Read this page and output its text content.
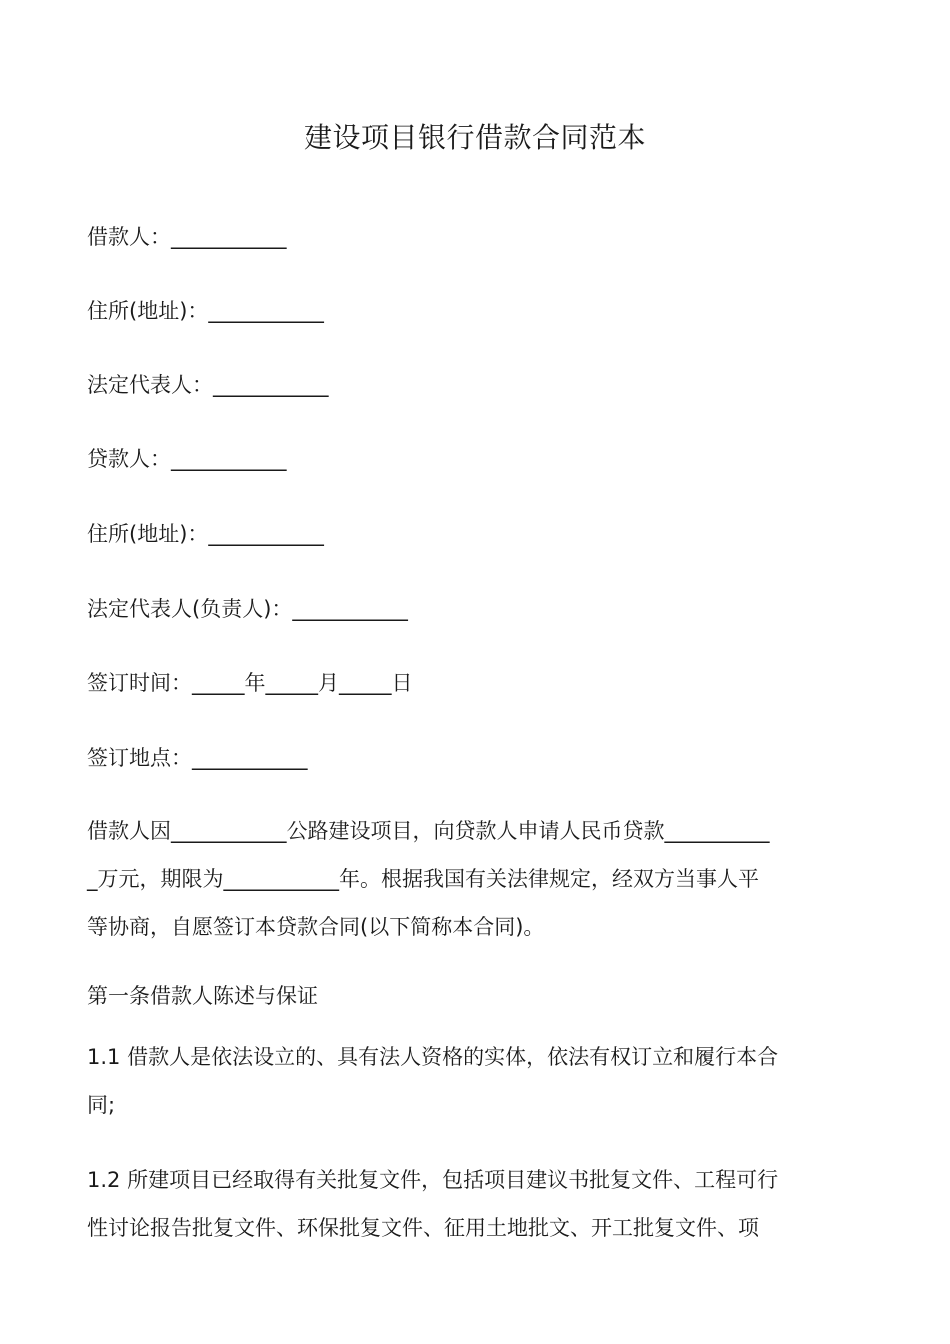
建设项目银行借款合同范本
借款人：___________
住所(地址)：___________
法定代表人：___________
贷款人：___________
住所(地址)：___________
法定代表人(负责人)：___________
签订时间：_____年_____月_____日
签订地点：___________
借款人因___________公路建设项目，向贷款人申请人民币贷款__________
_万元，期限为___________年。根据我国有关法律规定，经双方当事人平
等协商，自愿签订本贷款合同(以下简称本合同)。
第一条借款人陈述与保证
1.1 借款人是依法设立的、具有法人资格的实体，依法有权订立和履行本合
同;
1.2 所建项目已经取得有关批复文件，包括项目建议书批复文件、工程可行
性讨论报告批复文件、环保批复文件、征用土地批文、开工批复文件、项
